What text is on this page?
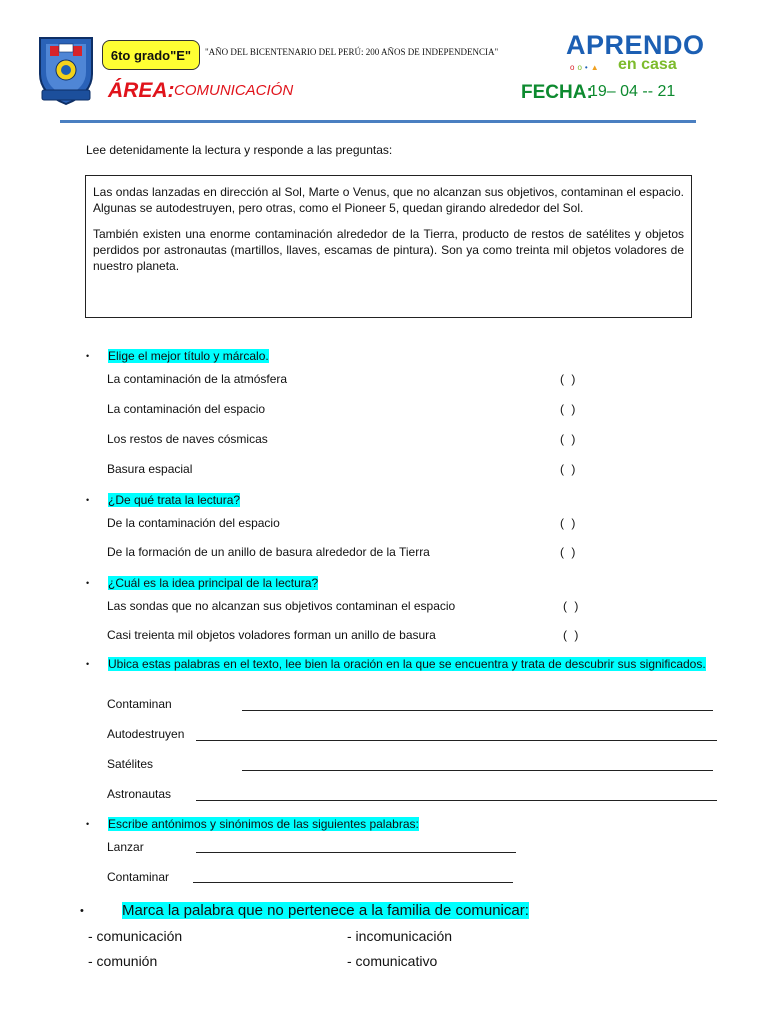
6to grado"E" "AÑO DEL BICENTENARIO DEL PERÚ: 200 AÑOS DE INDEPENDENCIA"
ÁREA: COMUNICACIÓN
APRENDO
oo•▲ en casa
FECHA:
19– 04 -- 21
Lee detenidamente la lectura y responde a las preguntas:

Las ondas lanzadas en dirección al Sol, Marte o Venus, que no alcanzan sus objetivos, contaminan el espacio. Algunas se autodestruyen, pero otras, como el Pioneer 5, quedan girando alrededor del Sol.

También existen una enorme contaminación alrededor de la Tierra, producto de restos de satélites y objetos perdidos por astronautas (martillos, llaves, escamas de pintura). Son ya como treinta mil objetos voladores de nuestro planeta.

•	Elige el mejor título y márcalo.
La contaminación de la atmósfera	( )
La contaminación del espacio	( )
Los restos de naves cósmicas	( )
Basura espacial	( )
•	¿De qué trata la lectura?
De la contaminación del espacio	( )
De la formación de un anillo de basura alrededor de la Tierra	( )
•	¿Cuál es la idea principal de la lectura?
Las sondas que no alcanzan sus objetivos contaminan el espacio	( )
Casi treienta mil objetos voladores forman un anillo de basura	( )
•	Ubica estas palabras en el texto, lee bien la oración en la que se encuentra y trata de descubrir sus significados.
Contaminan
Autodestruyen
Satélites
Astronautas
•	Escribe antónimos y sinónimos de las siguientes palabras:
Lanzar
Contaminar
•	Marca la palabra que no pertenece a la familia de comunicar:
- comunicación	- incomunicación
- comunión	- comunicativo
